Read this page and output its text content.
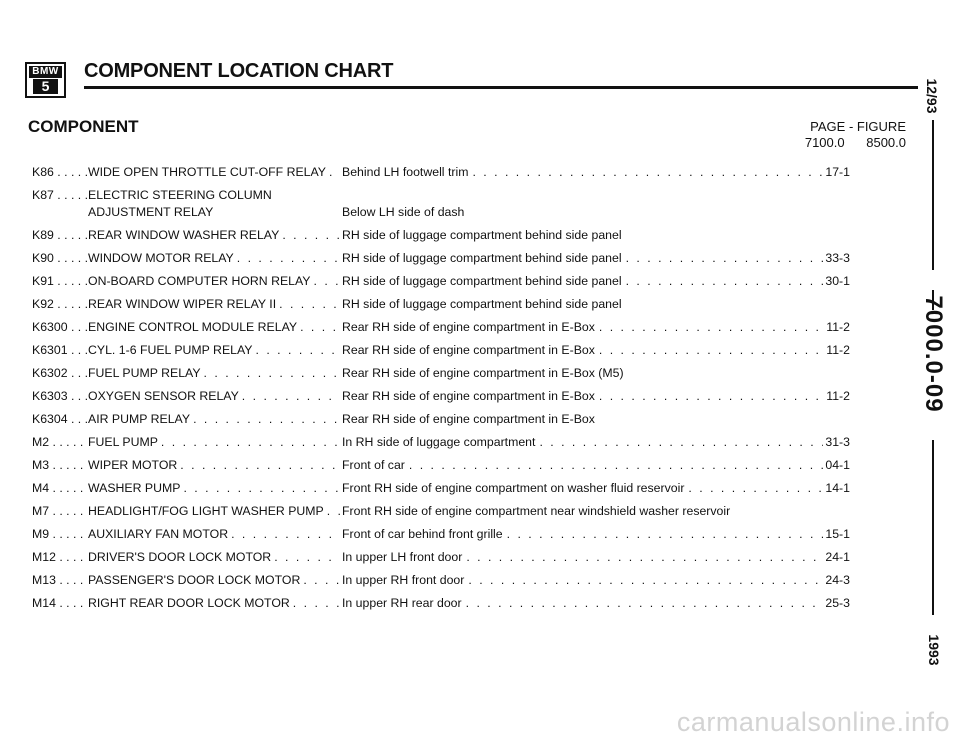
BMW
5
COMPONENT LOCATION CHART
COMPONENT	PAGE - FIGURE
7100.0 8500.0
K86 . . .	WIDE OPEN THROTTLE CUT-OFF RELAY . . . Behind LH footwell trim . . .	17-1
K87 . . .	ELECTRIC STEERING COLUMN
ADJUSTMENT RELAY	Below LH side of dash
K89 . . .	REAR WINDOW WASHER RELAY . . .	RH side of luggage compartment behind side panel
K90 . . .	WINDOW MOTOR RELAY . . .	RH side of luggage compartment behind side panel . . .	33-3
K91 . . .	ON-BOARD COMPUTER HORN RELAY . . .	RH side of luggage compartment behind side panel . . .	30-1
K92 . . .	REAR WINDOW WIPER RELAY II . . .	RH side of luggage compartment behind side panel
K6300 . . .	ENGINE CONTROL MODULE RELAY . . .	Rear RH side of engine compartment in E-Box . . .	11-2
K6301 . . .	CYL. 1-6 FUEL PUMP RELAY . . .	Rear RH side of engine compartment in E-Box . . .	11-2
K6302 . . .	FUEL PUMP RELAY . . .	Rear RH side of engine compartment in E-Box (M5)
K6303 . . .	OXYGEN SENSOR RELAY . . .	Rear RH side of engine compartment in E-Box . . .	11-2
K6304 . . .	AIR PUMP RELAY . . .	Rear RH side of engine compartment in E-Box
M2 . . .	FUEL PUMP . . .	In RH side of luggage compartment . . .	31-3
M3 . . .	WIPER MOTOR . . .	Front of car . . .	04-1
M4 . . .	WASHER PUMP . . .	Front RH side of engine compartment on washer fluid reservoir . . .	14-1
M7 . . .	HEADLIGHT/FOG LIGHT WASHER PUMP . . . Front RH side of engine compartment near windshield washer reservoir
M9 . . .	AUXILIARY FAN MOTOR . . .	Front of car behind front grille . . .	15-1
M12 . . .	DRIVER'S DOOR LOCK MOTOR . . .	In upper LH front door . . .	24-1
M13 . . .	PASSENGER'S DOOR LOCK MOTOR . . .	In upper RH front door . . .	24-3
M14 . . .	RIGHT REAR DOOR LOCK MOTOR . . .	In upper RH rear door . . .	25-3
12/93
7000.0-09
1993
carmanualsonline.info
